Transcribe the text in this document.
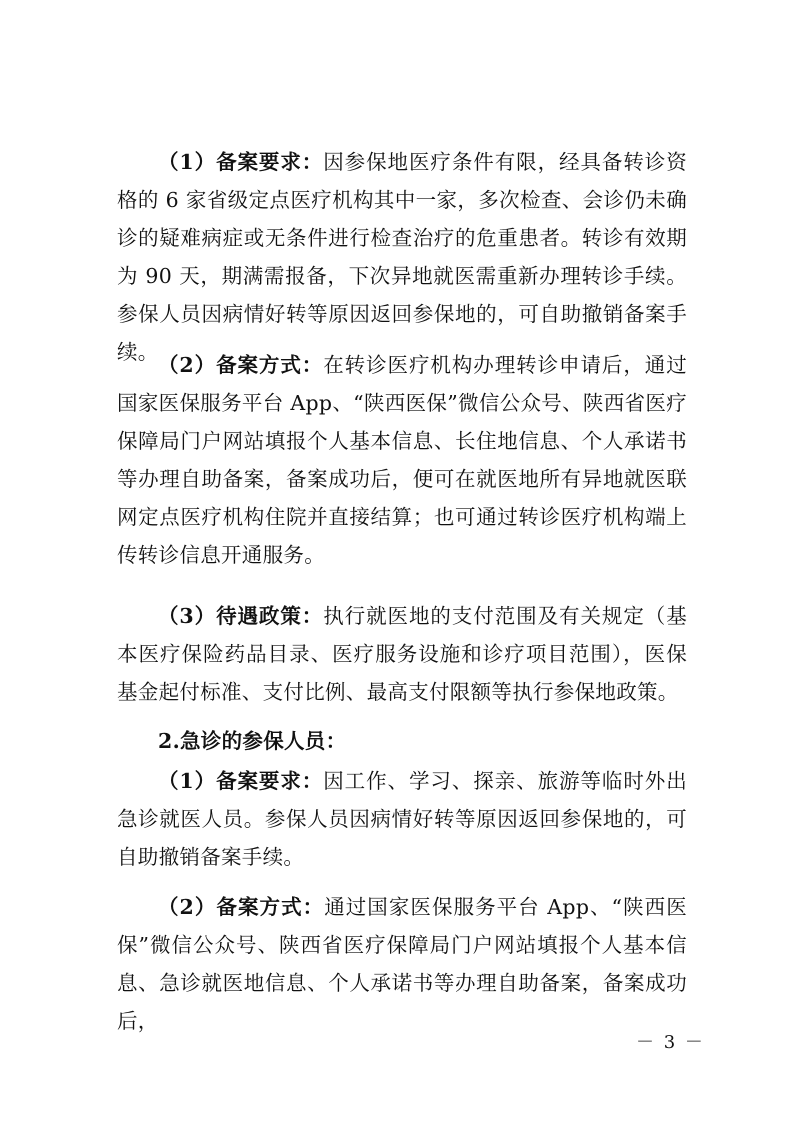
（1）备案要求：因参保地医疗条件有限，经具备转诊资格的 6 家省级定点医疗机构其中一家，多次检查、会诊仍未确诊的疑难病症或无条件进行检查治疗的危重患者。转诊有效期为 90 天，期满需报备，下次异地就医需重新办理转诊手续。参保人员因病情好转等原因返回参保地的，可自助撤销备案手续。

（2）备案方式：在转诊医疗机构办理转诊申请后，通过国家医保服务平台 App、“陕西医保”微信公众号、陕西省医疗保障局门户网站填报个人基本信息、长住地信息、个人承诺书等办理自助备案，备案成功后，便可在就医地所有异地就医联网定点医疗机构住院并直接结算；也可通过转诊医疗机构端上传转诊信息开通服务。

（3）待遇政策：执行就医地的支付范围及有关规定（基本医疗保险药品目录、医疗服务设施和诊疗项目范围），医保基金起付标准、支付比例、最高支付限额等执行参保地政策。

2.急诊的参保人员：

（1）备案要求：因工作、学习、探亲、旅游等临时外出急诊就医人员。参保人员因病情好转等原因返回参保地的，可自助撤销备案手续。

（2）备案方式：通过国家医保服务平台 App、“陕西医保”微信公众号、陕西省医疗保障局门户网站填报个人基本信息、急诊就医地信息、个人承诺书等办理自助备案，备案成功后，

－ 3 －
